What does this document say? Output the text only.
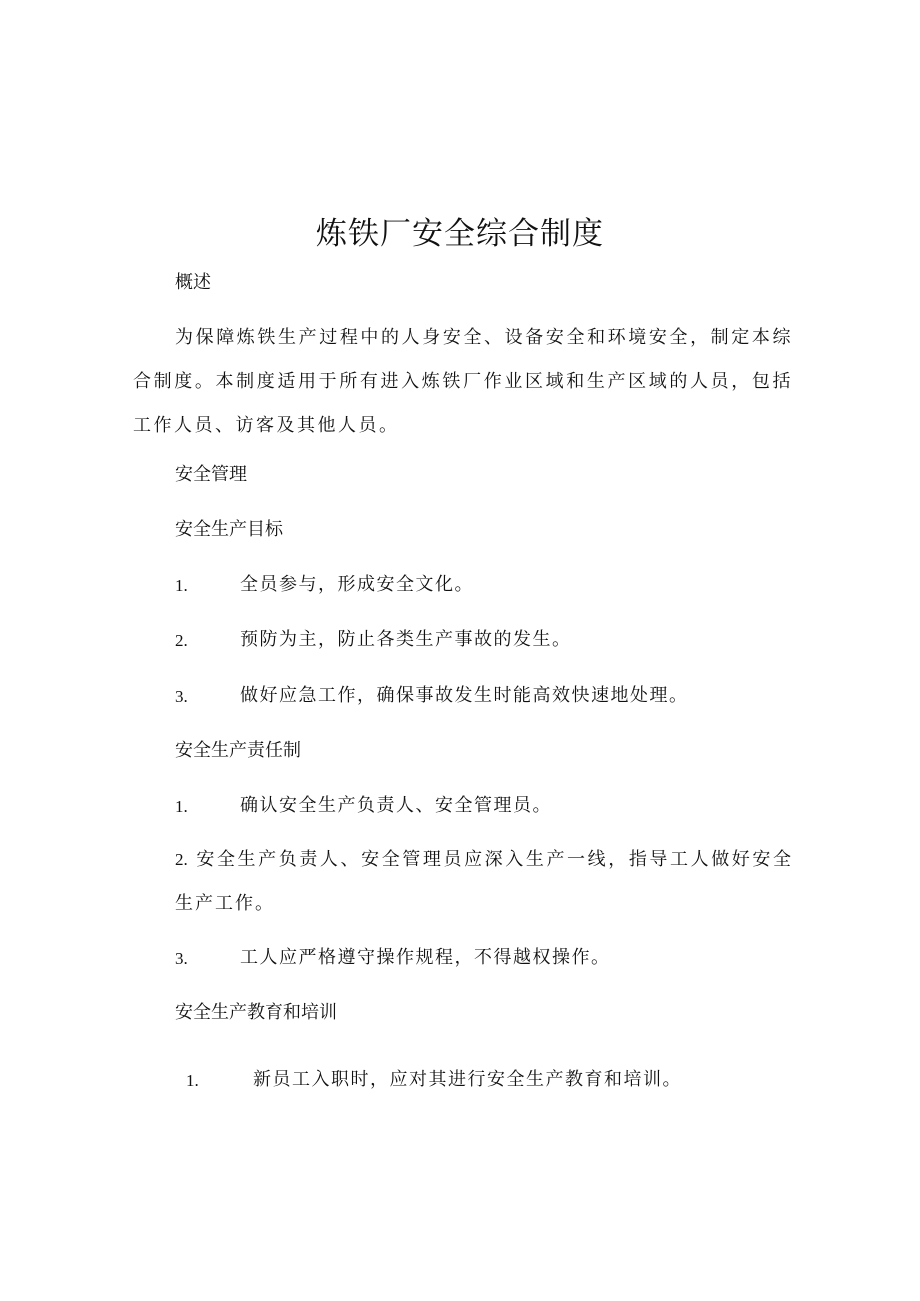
炼铁厂安全综合制度

概述

为保障炼铁生产过程中的人身安全、设备安全和环境安全，制定本综合制度。本制度适用于所有进入炼铁厂作业区域和生产区域的人员，包括工作人员、访客及其他人员。

安全管理

安全生产目标

1.	全员参与，形成安全文化。
2.	预防为主，防止各类生产事故的发生。
3.	做好应急工作，确保事故发生时能高效快速地处理。

安全生产责任制

1.	确认安全生产负责人、安全管理员。

2. 安全生产负责人、安全管理员应深入生产一线，指导工人做好安全生产工作。

3.	工人应严格遵守操作规程，不得越权操作。

安全生产教育和培训

1.	新员工入职时，应对其进行安全生产教育和培训。
